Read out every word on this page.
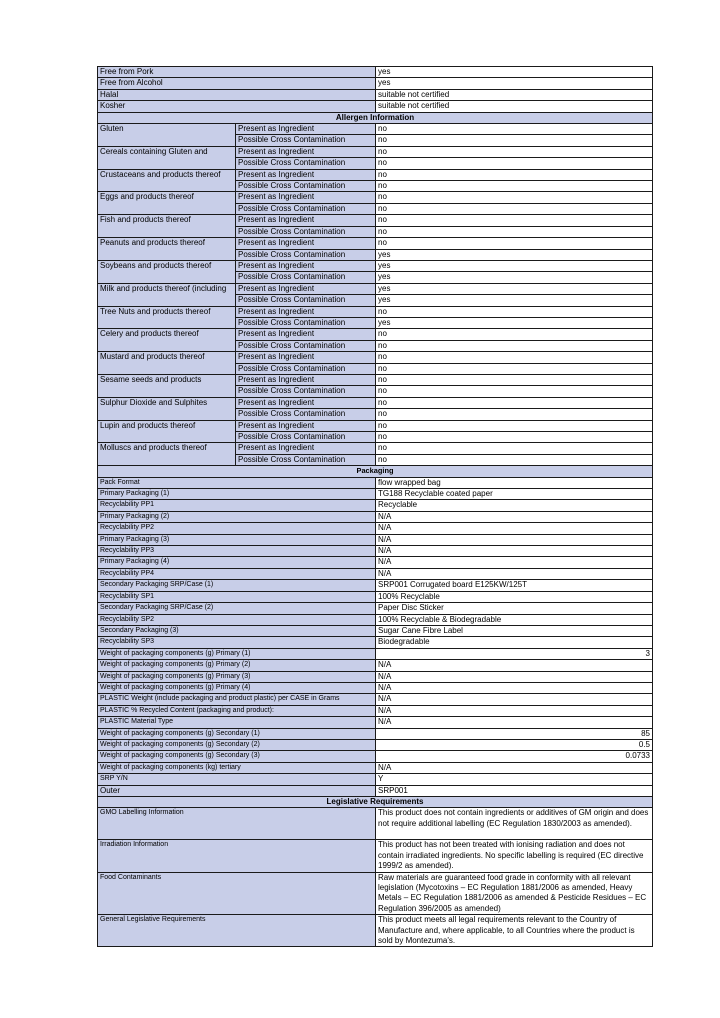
Free from Pork		yes
Free from Alcohol		yes
Halal		suitable not certified
Kosher		suitable not certified
Allergen Information		
Gluten	Present as Ingredient	no
	Possible Cross Contamination	no
Cereals containing Gluten and	Present as Ingredient	no
	Possible Cross Contamination	no
Crustaceans and products thereof	Present as Ingredient	no
	Possible Cross Contamination	no
Eggs and products thereof	Present as Ingredient	no
	Possible Cross Contamination	no
Fish and products thereof	Present as Ingredient	no
	Possible Cross Contamination	no
Peanuts and products thereof	Present as Ingredient	no
	Possible Cross Contamination	yes
Soybeans and products thereof	Present as Ingredient	yes
	Possible Cross Contamination	yes
Milk and products thereof (including	Present as Ingredient	yes
	Possible Cross Contamination	yes
Tree Nuts and products thereof	Present as Ingredient	no
	Possible Cross Contamination	yes
Celery and products thereof	Present as Ingredient	no
	Possible Cross Contamination	no
Mustard and products thereof	Present as Ingredient	no
	Possible Cross Contamination	no
Sesame seeds and products	Present as Ingredient	no
	Possible Cross Contamination	no
Sulphur Dioxide and Sulphites	Present as Ingredient	no
	Possible Cross Contamination	no
Lupin and products thereof	Present as Ingredient	no
	Possible Cross Contamination	no
Molluscs and products thereof	Present as Ingredient	no
	Possible Cross Contamination	no
Packaging		
Pack Format		flow wrapped bag
Primary Packaging (1)		TG188 Recyclable coated paper
Recyclability PP1		Recyclable
Primary Packaging (2)		N/A
Recyclability PP2		N/A
Primary Packaging (3)		N/A
Recyclability PP3		N/A
Primary Packaging (4)		N/A
Recyclability PP4		N/A
Secondary Packaging SRP/Case (1)		SRP001 Corrugated board E125KW/125T
Recyclability SP1		100% Recyclable
Secondary Packaging SRP/Case (2)		Paper Disc Sticker
Recyclability SP2		100% Recyclable & Biodegradable
Secondary Packaging (3)		Sugar Cane Fibre Label
Recyclability SP3		Biodegradable
Weight of packaging components (g) Primary (1)		3
Weight of packaging components (g) Primary (2)		N/A
Weight of packaging components (g) Primary (3)		N/A
Weight of packaging components (g) Primary (4)		N/A
PLASTIC Weight (include packaging and product plastic) per CASE in Grams		N/A
PLASTIC % Recycled Content (packaging and product):		N/A
PLASTIC Material Type		N/A
Weight of packaging components (g) Secondary (1)		85
Weight of packaging components (g) Secondary (2)		0.5
Weight of packaging components (g) Secondary (3)		0.0733
Weight of packaging components (kg) tertiary		N/A
SRP Y/N		Y
Outer		SRP001
Legislative Requirements		
GMO Labelling Information		This product does not contain ingredients or additives of GM origin and does not require additional labelling (EC Regulation 1830/2003 as amended).
Irradiation Information		This product has not been treated with ionising radiation and does not contain irradiated ingredients. No specific labelling is required (EC directive 1999/2 as amended).
Food Contaminants		Raw materials are guaranteed food grade in conformity with all relevant legislation (Mycotoxins – EC Regulation 1881/2006 as amended, Heavy Metals – EC Regulation 1881/2006 as amended & Pesticide Residues – EC Regulation 396/2005 as amended)
General Legislative Requirements		This product meets all legal requirements relevant to the Country of Manufacture and, where applicable, to all Countries where the product is sold by Montezuma's.
